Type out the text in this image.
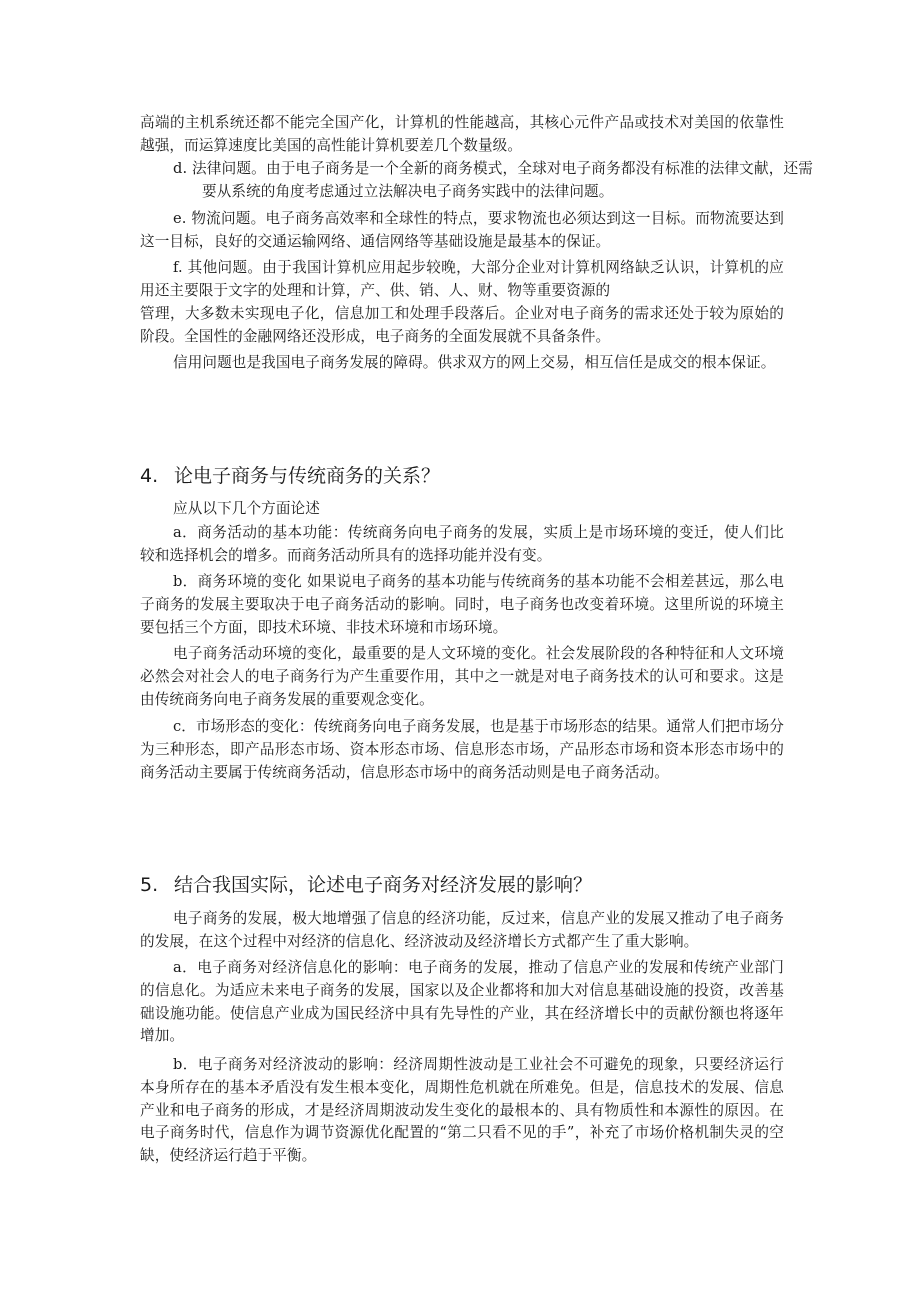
高端的主机系统还都不能完全国产化，计算机的性能越高，其核心元件产品或技术对美国的依靠性越强，而运算速度比美国的高性能计算机要差几个数量级。
d. 法律问题。由于电子商务是一个全新的商务模式，全球对电子商务都没有标准的法律文献，还需要从系统的角度考虑通过立法解决电子商务实践中的法律问题。
e. 物流问题。电子商务高效率和全球性的特点，要求物流也必须达到这一目标。而物流要达到这一目标，良好的交通运输网络、通信网络等基础设施是最基本的保证。
f. 其他问题。由于我国计算机应用起步较晚，大部分企业对计算机网络缺乏认识，计算机的应用还主要限于文字的处理和计算，产、供、销、人、财、物等重要资源的
管理，大多数未实现电子化，信息加工和处理手段落后。企业对电子商务的需求还处于较为原始的阶段。全国性的金融网络还没形成，电子商务的全面发展就不具备条件。
信用问题也是我国电子商务发展的障碍。供求双方的网上交易，相互信任是成交的根本保证。
4. 论电子商务与传统商务的关系？
应从以下几个方面论述
a．商务活动的基本功能：传统商务向电子商务的发展，实质上是市场环境的变迁，使人们比较和选择机会的增多。而商务活动所具有的选择功能并没有变。
b．商务环境的变化 如果说电子商务的基本功能与传统商务的基本功能不会相差甚远，那么电子商务的发展主要取决于电子商务活动的影响。同时，电子商务也改变着环境。这里所说的环境主要包括三个方面，即技术环境、非技术环境和市场环境。
电子商务活动环境的变化，最重要的是人文环境的变化。社会发展阶段的各种特征和人文环境必然会对社会人的电子商务行为产生重要作用，其中之一就是对电子商务技术的认可和要求。这是由传统商务向电子商务发展的重要观念变化。
c．市场形态的变化：传统商务向电子商务发展，也是基于市场形态的结果。通常人们把市场分为三种形态，即产品形态市场、资本形态市场、信息形态市场，产品形态市场和资本形态市场中的商务活动主要属于传统商务活动，信息形态市场中的商务活动则是电子商务活动。
5. 结合我国实际，论述电子商务对经济发展的影响？
电子商务的发展，极大地增强了信息的经济功能，反过来，信息产业的发展又推动了电子商务的发展，在这个过程中对经济的信息化、经济波动及经济增长方式都产生了重大影响。
a．电子商务对经济信息化的影响：电子商务的发展，推动了信息产业的发展和传统产业部门的信息化。为适应未来电子商务的发展，国家以及企业都将和加大对信息基础设施的投资，改善基础设施功能。使信息产业成为国民经济中具有先导性的产业，其在经济增长中的贡献份额也将逐年增加。
b．电子商务对经济波动的影响：经济周期性波动是工业社会不可避免的现象，只要经济运行本身所存在的基本矛盾没有发生根本变化，周期性危机就在所难免。但是，信息技术的发展、信息产业和电子商务的形成，才是经济周期波动发生变化的最根本的、具有物质性和本源性的原因。在电子商务时代，信息作为调节资源优化配置的“第二只看不见的手”，补充了市场价格机制失灵的空缺，使经济运行趋于平衡。
